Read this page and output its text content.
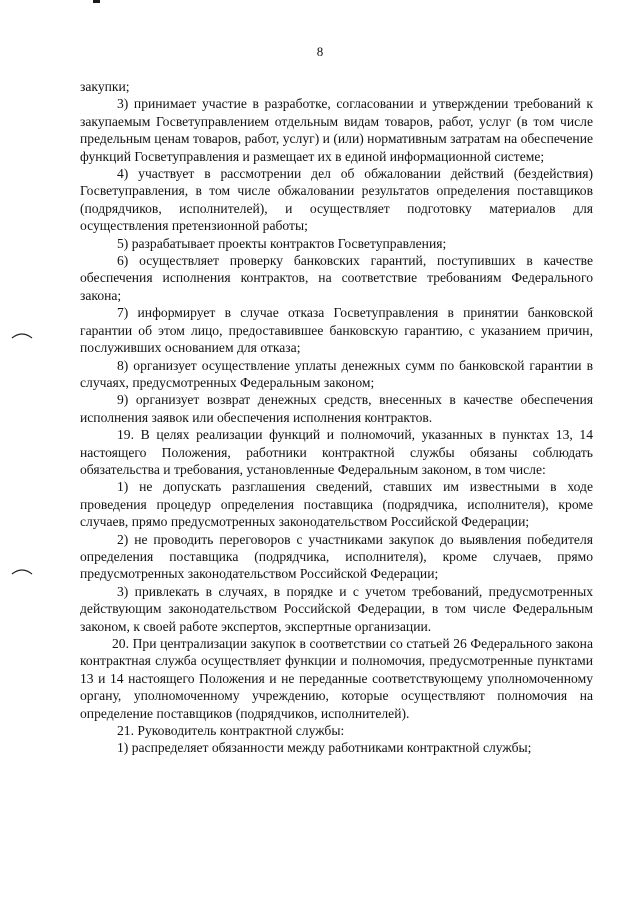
8

закупки;

3) принимает участие в разработке, согласовании и утверждении требований к закупаемым Госветуправлением отдельным видам товаров, работ, услуг (в том числе предельным ценам товаров, работ, услуг) и (или) нормативным затратам на обеспечение функций Госветуправления и размещает их в единой информационной системе;

4) участвует в рассмотрении дел об обжаловании действий (бездействия) Госветуправления, в том числе обжаловании результатов определения поставщиков (подрядчиков, исполнителей), и осуществляет подготовку материалов для осуществления претензионной работы;

5) разрабатывает проекты контрактов Госветуправления;

6) осуществляет проверку банковских гарантий, поступивших в качестве обеспечения исполнения контрактов, на соответствие требованиям Федерального закона;

7) информирует в случае отказа Госветуправления в принятии банковской гарантии об этом лицо, предоставившее банковскую гарантию, с указанием причин, послуживших основанием для отказа;

8) организует осуществление уплаты денежных сумм по банковской гарантии в случаях, предусмотренных Федеральным законом;

9) организует возврат денежных средств, внесенных в качестве обеспечения исполнения заявок или обеспечения исполнения контрактов.

19. В целях реализации функций и полномочий, указанных в пунктах 13, 14 настоящего Положения, работники контрактной службы обязаны соблюдать обязательства и требования, установленные Федеральным законом, в том числе:

1) не допускать разглашения сведений, ставших им известными в ходе проведения процедур определения поставщика (подрядчика, исполнителя), кроме случаев, прямо предусмотренных законодательством Российской Федерации;

2) не проводить переговоров с участниками закупок до выявления победителя определения поставщика (подрядчика, исполнителя), кроме случаев, прямо предусмотренных законодательством Российской Федерации;

3) привлекать в случаях, в порядке и с учетом требований, предусмотренных действующим законодательством Российской Федерации, в том числе Федеральным законом, к своей работе экспертов, экспертные организации.

20. При централизации закупок в соответствии со статьей 26 Федерального закона контрактная служба осуществляет функции и полномочия, предусмотренные пунктами 13 и 14 настоящего Положения и не переданные соответствующему уполномоченному органу, уполномоченному учреждению, которые осуществляют полномочия на определение поставщиков (подрядчиков, исполнителей).

21. Руководитель контрактной службы:

1) распределяет обязанности между работниками контрактной службы;
